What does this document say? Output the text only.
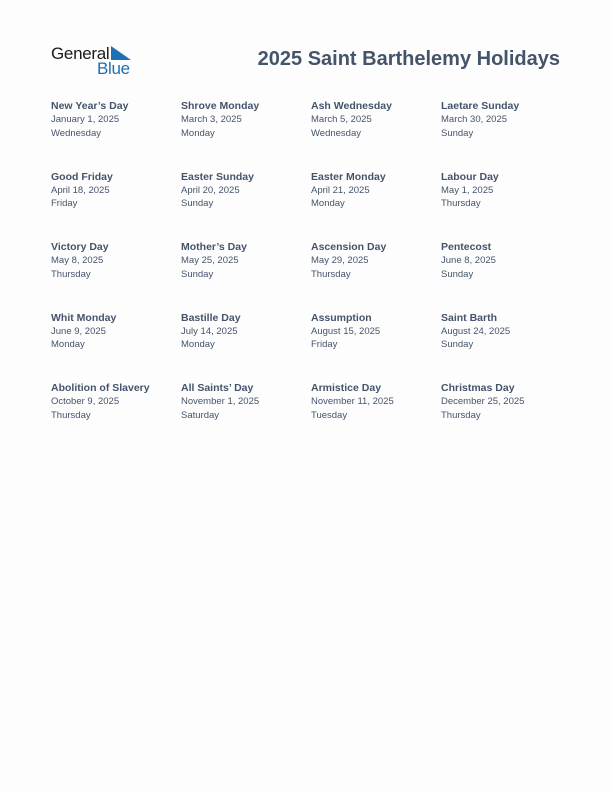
General
Blue	2025 Saint Barthelemy Holidays
New Year’s Day
January 1, 2025
Wednesday
Shrove Monday
March 3, 2025
Monday
Ash Wednesday
March 5, 2025
Wednesday
Laetare Sunday
March 30, 2025
Sunday
Good Friday
April 18, 2025
Friday
Easter Sunday
April 20, 2025
Sunday
Easter Monday
April 21, 2025
Monday
Labour Day
May 1, 2025
Thursday
Victory Day
May 8, 2025
Thursday
Mother’s Day
May 25, 2025
Sunday
Ascension Day
May 29, 2025
Thursday
Pentecost
June 8, 2025
Sunday
Whit Monday
June 9, 2025
Monday
Bastille Day
July 14, 2025
Monday
Assumption
August 15, 2025
Friday
Saint Barth
August 24, 2025
Sunday
Abolition of Slavery
October 9, 2025
Thursday
All Saints’ Day
November 1, 2025
Saturday
Armistice Day
November 11, 2025
Tuesday
Christmas Day
December 25, 2025
Thursday
